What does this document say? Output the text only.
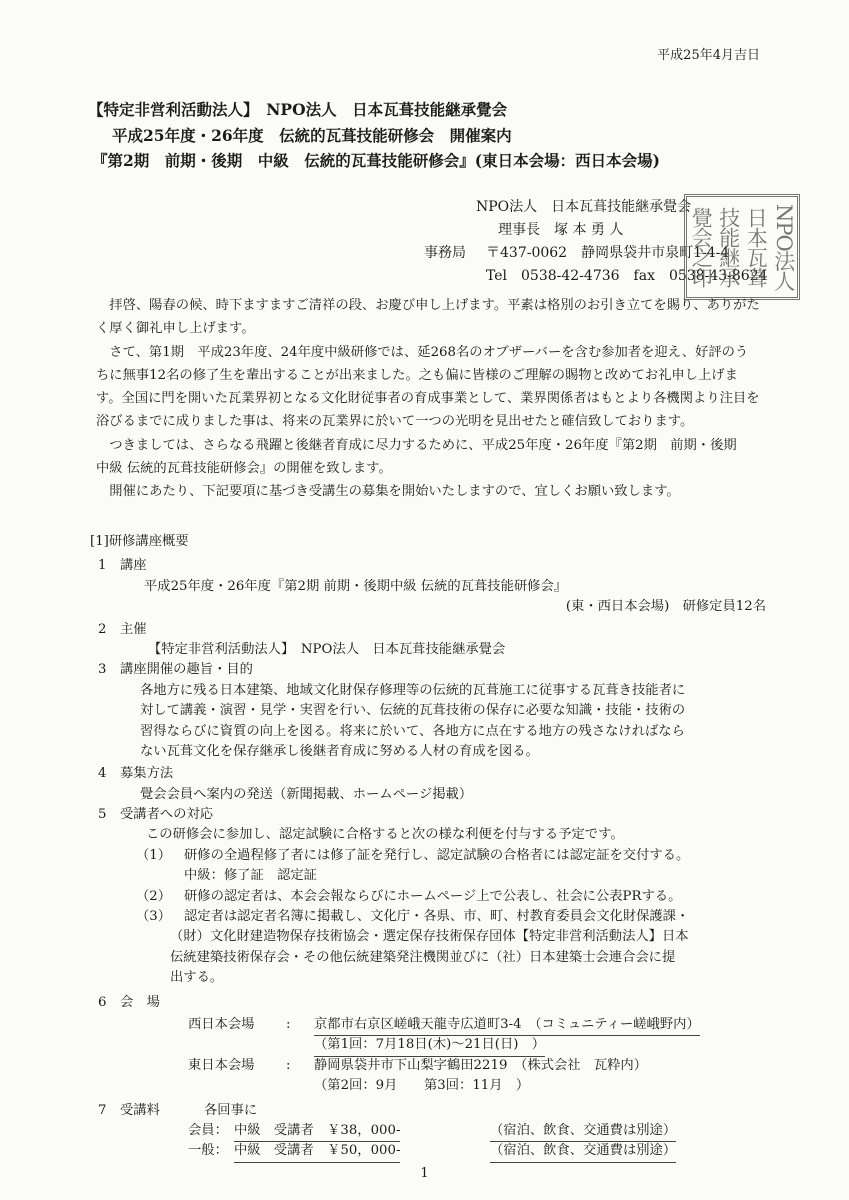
平成25年4月吉日
【特定非営利活動法人】　NPO法人　日本瓦葺技能継承覺会
平成25年度・26年度　伝統的瓦葺技能研修会　開催案内
『第2期　前期・後期　中級　伝統的瓦葺技能研修会』(東日本会場：西日本会場)
NPO法人　日本瓦葺技能継承覺会
理事長　塚 本 勇 人
事務局 〒437-0062　静岡県袋井市泉町1-4-4
Tel　0538-42-4736　fax　0538-43-8624 NPO法人
日本瓦葺
技能継承
覺会之印

拝啓、陽春の候、時下ますますご清祥の段、お慶び申し上げます。平素は格別のお引き立てを賜り、ありがたく厚く御礼申し上げます。

さて、第1期　平成23年度、24年度中級研修では、延268名のオブザーバーを含む参加者を迎え、好評のうちに無事12名の修了生を輩出することが出来ました。之も偏に皆様のご理解の賜物と改めてお礼申し上げます。全国に門を開いた瓦業界初となる文化財従事者の育成事業として、業界関係者はもとより各機関より注目を浴びるまでに成りました事は、将来の瓦業界に於いて一つの光明を見出せたと確信致しております。

つきましては、さらなる飛躍と後継者育成に尽力するために、平成25年度・26年度『第2期　前期・後期　中級 伝統的瓦葺技能研修会』の開催を致します。

開催にあたり、下記要項に基づき受講生の募集を開始いたしますので、宜しくお願い致します。

[1]研修講座概要
1 講座
平成25年度・26年度『第2期 前期・後期中級 伝統的瓦葺技能研修会』
(東・西日本会場)　研修定員12名
2 主催
【特定非営利活動法人】　NPO法人　日本瓦葺技能継承覺会
3 講座開催の趣旨・目的
各地方に残る日本建築、地域文化財保存修理等の伝統的瓦葺施工に従事する瓦葺き技能者に
対して講義・演習・見学・実習を行い、伝統的瓦葺技術の保存に必要な知識・技能・技術の
習得ならびに資質の向上を図る。将来に於いて、各地方に点在する地方の残さなければなら
ない瓦葺文化を保存継承し後継者育成に努める人材の育成を図る。
4 募集方法
覺会会員へ案内の発送（新聞掲載、ホームページ掲載）
5 受講者への対応
この研修会に参加し、認定試験に合格すると次の様な利便を付与する予定です。
（1） 研修の全過程修了者には修了証を発行し、認定試験の合格者には認定証を交付する。
中級：修了証　認定証
（2） 研修の認定者は、本会会報ならびにホームページ上で公表し、社会に公表PRする。
（3） 認定者は認定者名簿に掲載し、文化庁・各県、市、町、村教育委員会文化財保護課・
（財）文化財建造物保存技術協会・選定保存技術保存団体【特定非営利活動法人】日本
伝統建築技術保存会・その他伝統建築発注機関並びに（社）日本建築士会連合会に提
出する。
6 会　場
西日本会場 : 京都市右京区嵯峨天龍寺広道町3-4　（コミュニティー嵯峨野内）
（第1回：7月18日(木)〜21日(日)　）
東日本会場 : 静岡県袋井市下山梨字鶴田2219　（株式会社　瓦粋内）
（第2回：9月　　第3回：11月　）
7 受講料	各回事に
会員： 中級　受講者　￥38，000-	（宿泊、飲食、交通費は別途）
一般： 中級　受講者　￥50，000-	（宿泊、飲食、交通費は別途）
1
